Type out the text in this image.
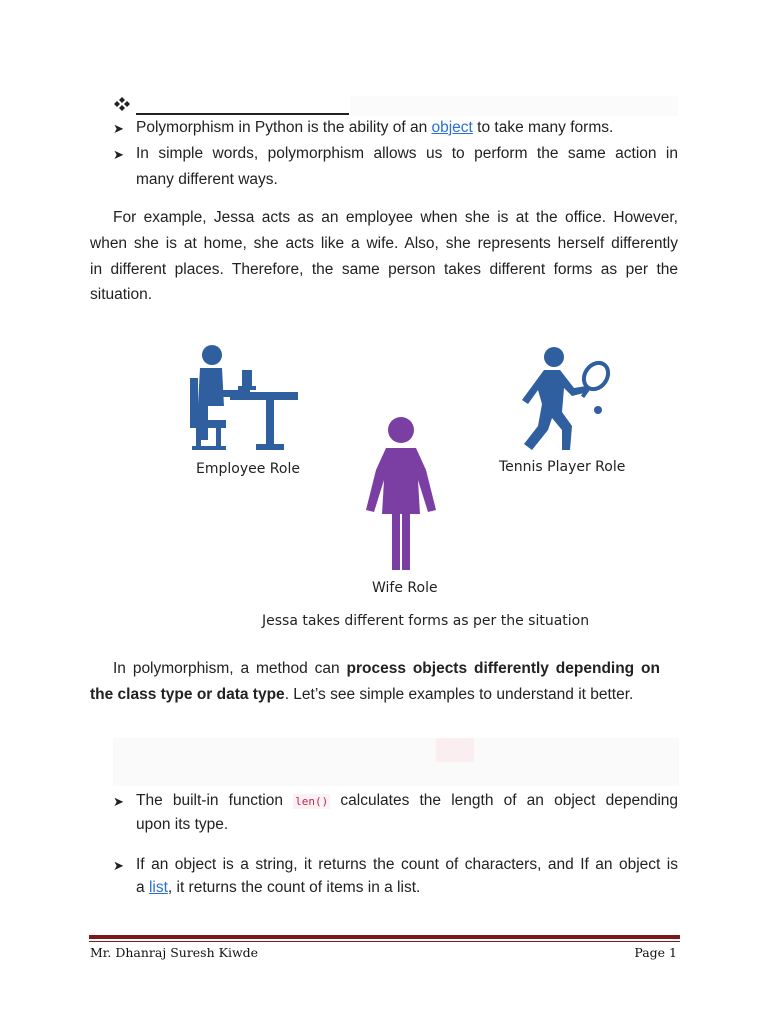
➤ Polymorphism in Python is the ability of an object to take many forms.
➤ In simple words, polymorphism allows us to perform the same action in
many different ways.
For example, Jessa acts as an employee when she is at the office. However,
when she is at home, she acts like a wife. Also, she represents herself differently
in different places. Therefore, the same person takes different forms as per the
situation.
Employee Role
Wife Role
Tennis Player Role
Jessa takes different forms as per the situation
In polymorphism, a method can process objects differently depending on
the class type or data type. Let’s see simple examples to understand it better.
➤ The built-in function len() calculates the length of an object depending
upon its type.
➤ If an object is a string, it returns the count of characters, and If an object is
a list, it returns the count of items in a list.
Mr. Dhanraj Suresh Kiwde	Page 1
